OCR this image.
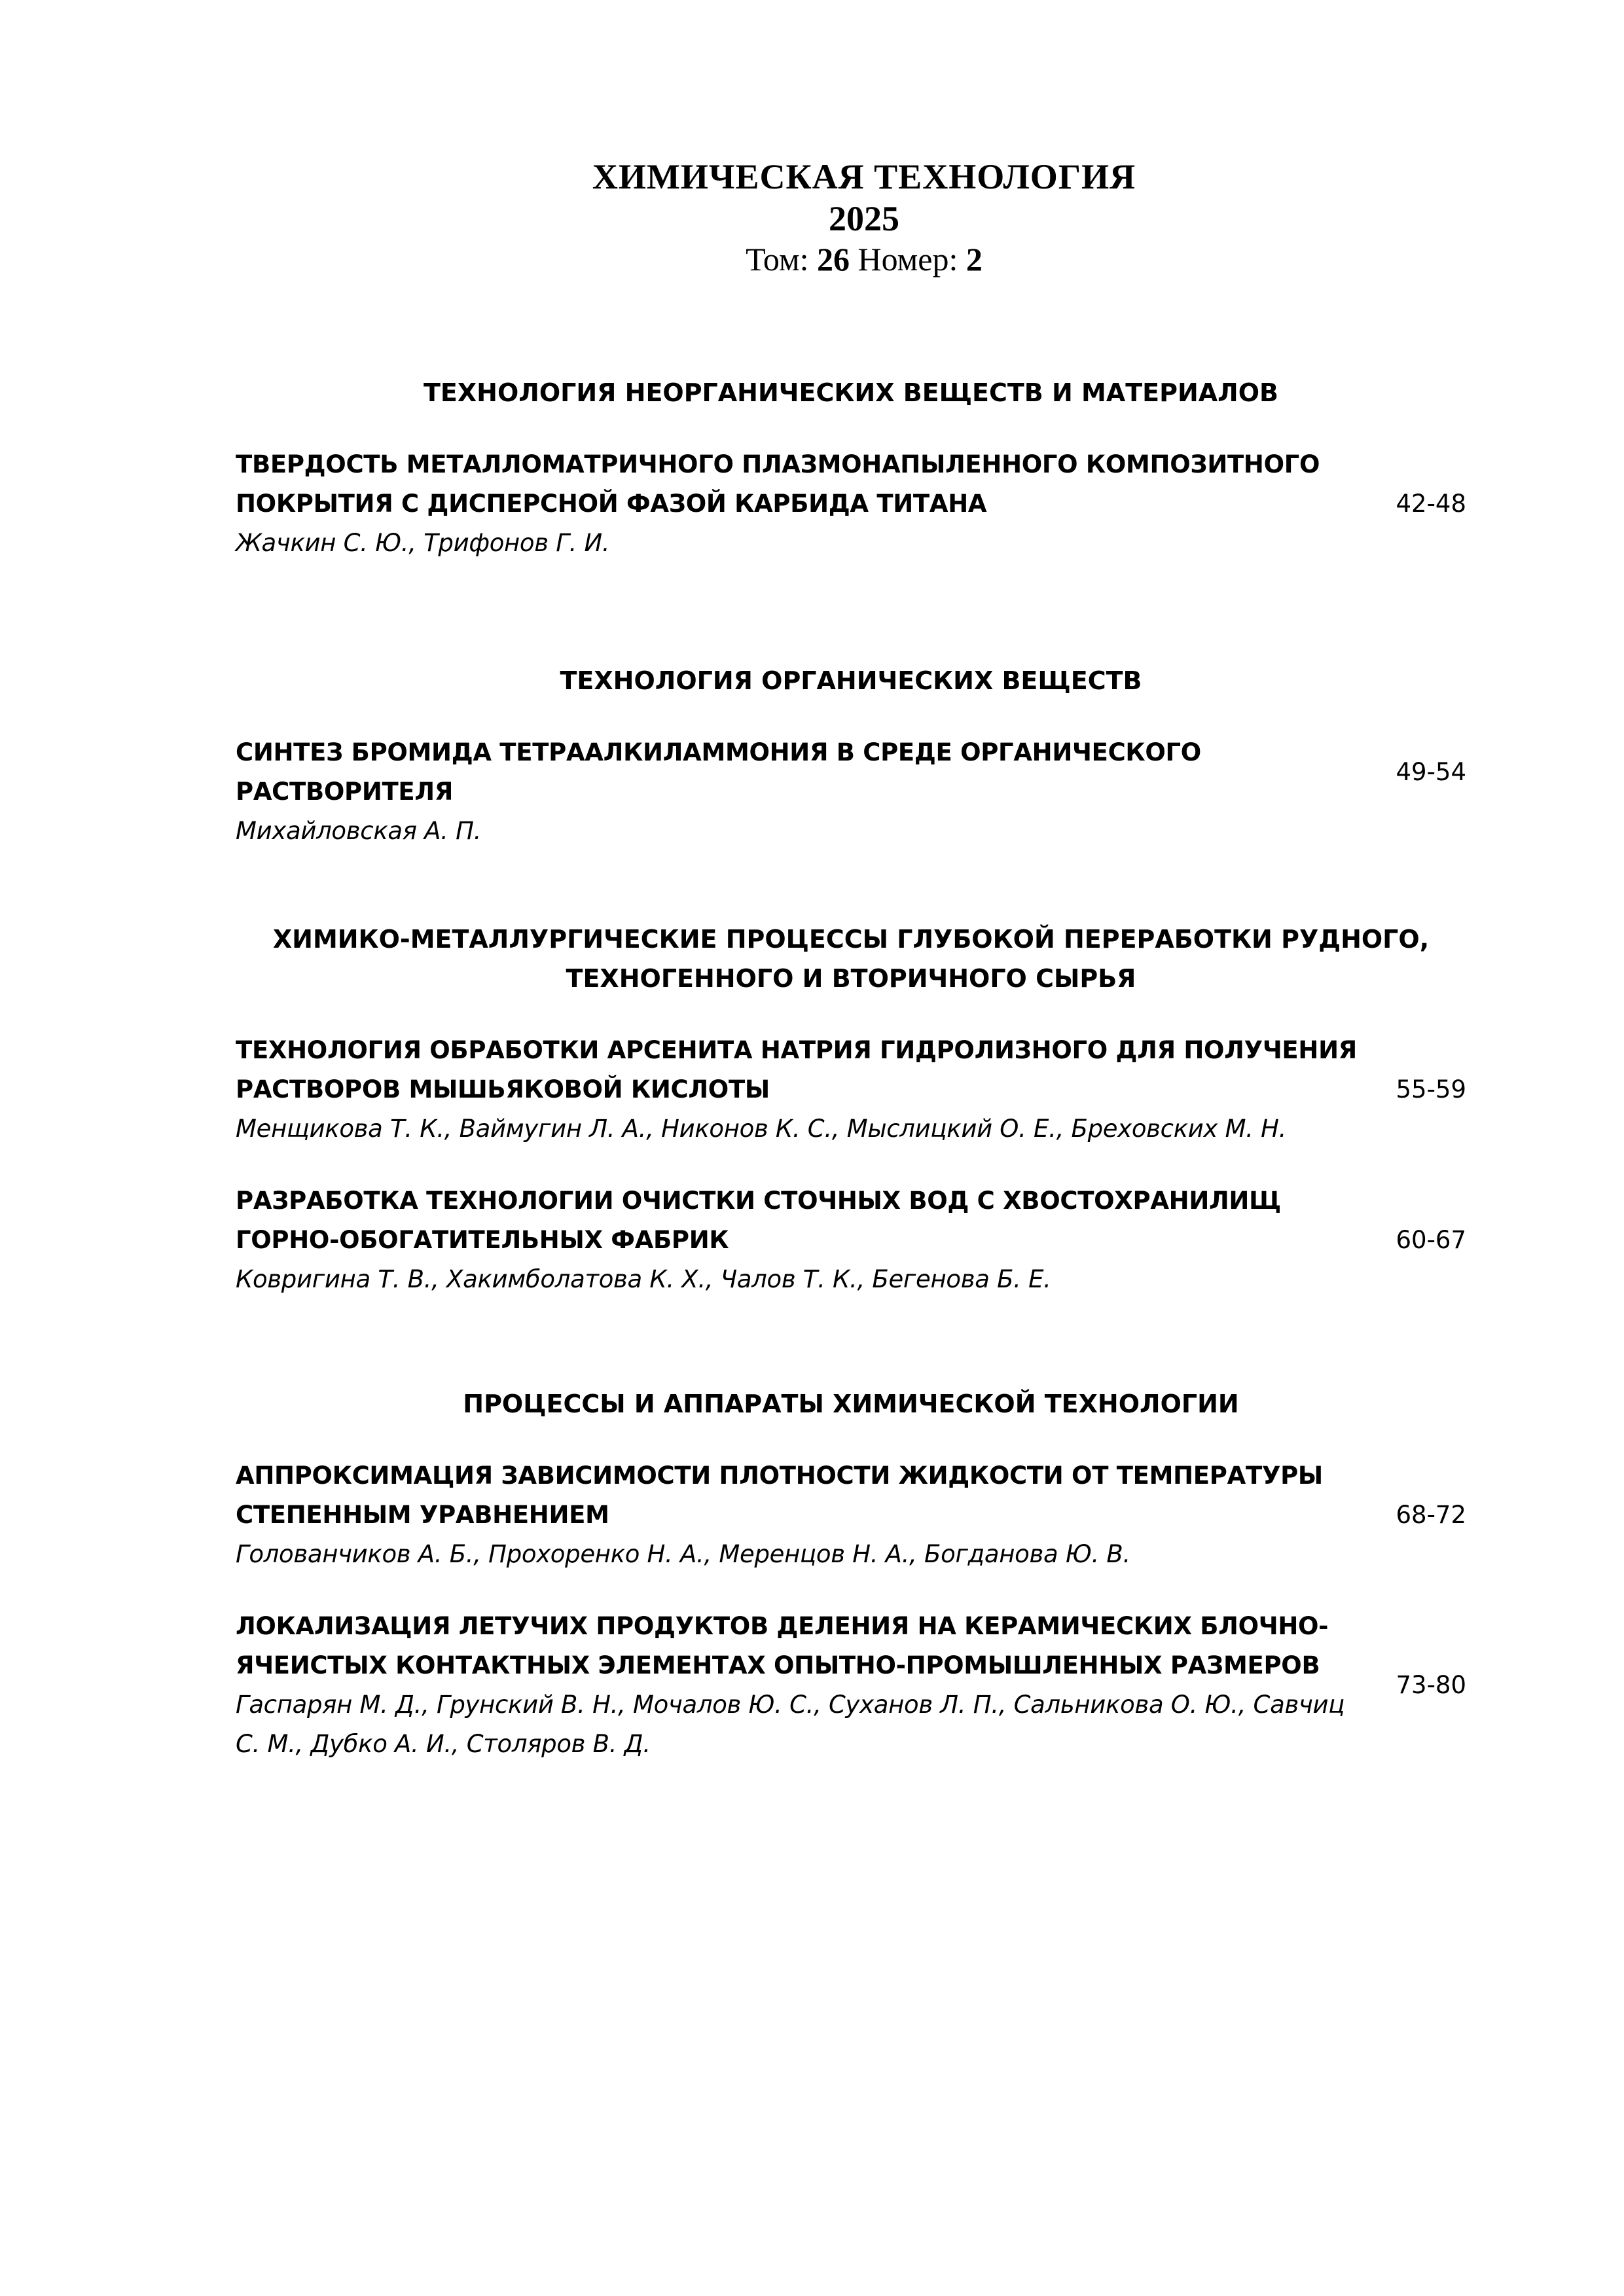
ХИМИЧЕСКАЯ ТЕХНОЛОГИЯ
2025
Том: 26 Номер: 2
ТЕХНОЛОГИЯ НЕОРГАНИЧЕСКИХ ВЕЩЕСТВ И МАТЕРИАЛОВ
ТВЕРДОСТЬ МЕТАЛЛОМАТРИЧНОГО ПЛАЗМОНАПЫЛЕННОГО КОМПОЗИТНОГО ПОКРЫТИЯ С ДИСПЕРСНОЙ ФАЗОЙ КАРБИДА ТИТАНА
Жачкин С. Ю., Трифонов Г. И.
42-48
ТЕХНОЛОГИЯ ОРГАНИЧЕСКИХ ВЕЩЕСТВ
СИНТЕЗ БРОМИДА ТЕТРААЛКИЛАММОНИЯ В СРЕДЕ ОРГАНИЧЕСКОГО РАСТВОРИТЕЛЯ
Михайловская А. П.
49-54
ХИМИКО-МЕТАЛЛУРГИЧЕСКИЕ ПРОЦЕССЫ ГЛУБОКОЙ ПЕРЕРАБОТКИ РУДНОГО, ТЕХНОГЕННОГО И ВТОРИЧНОГО СЫРЬЯ
ТЕХНОЛОГИЯ ОБРАБОТКИ АРСЕНИТА НАТРИЯ ГИДРОЛИЗНОГО ДЛЯ ПОЛУЧЕНИЯ РАСТВОРОВ МЫШЬЯКОВОЙ КИСЛОТЫ
Менщикова Т. К., Ваймугин Л. А., Никонов К. С., Мыслицкий О. Е., Бреховских М. Н.
55-59
РАЗРАБОТКА ТЕХНОЛОГИИ ОЧИСТКИ СТОЧНЫХ ВОД С ХВОСТОХРАНИЛИЩ ГОРНО-ОБОГАТИТЕЛЬНЫХ ФАБРИК
Ковригина Т. В., Хакимболатова К. Х., Чалов Т. К., Бегенова Б. Е.
60-67
ПРОЦЕССЫ И АППАРАТЫ ХИМИЧЕСКОЙ ТЕХНОЛОГИИ
АППРОКСИМАЦИЯ ЗАВИСИМОСТИ ПЛОТНОСТИ ЖИДКОСТИ ОТ ТЕМПЕРАТУРЫ СТЕПЕННЫМ УРАВНЕНИЕМ
Голованчиков А. Б., Прохоренко Н. А., Меренцов Н. А., Богданова Ю. В.
68-72
ЛОКАЛИЗАЦИЯ ЛЕТУЧИХ ПРОДУКТОВ ДЕЛЕНИЯ НА КЕРАМИЧЕСКИХ БЛОЧНО-ЯЧЕИСТЫХ КОНТАКТНЫХ ЭЛЕМЕНТАХ ОПЫТНО-ПРОМЫШЛЕННЫХ РАЗМЕРОВ
Гаспарян М. Д., Грунский В. Н., Мочалов Ю. С., Суханов Л. П., Сальникова О. Ю., Савчиц С. М., Дубко А. И., Столяров В. Д.
73-80
